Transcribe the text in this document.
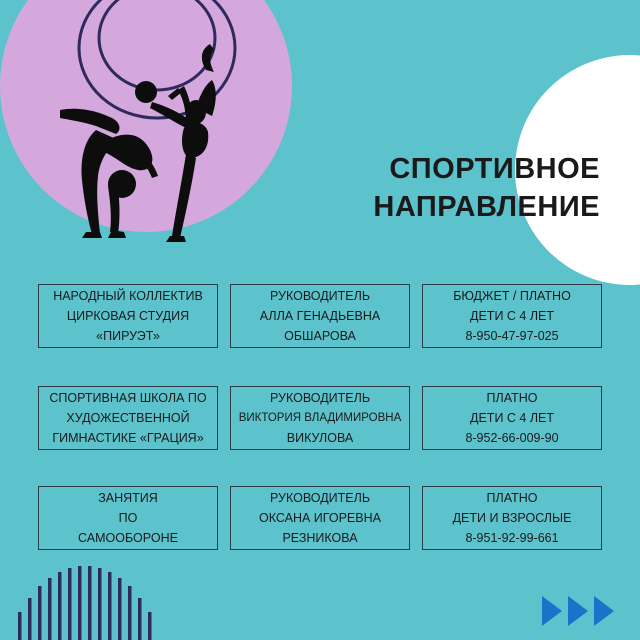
СПОРТИВНОЕ
НАПРАВЛЕНИЕ
НАРОДНЫЙ КОЛЛЕКТИВ
ЦИРКОВАЯ СТУДИЯ
«ПИРУЭТ»
РУКОВОДИТЕЛЬ
АЛЛА ГЕНАДЬЕВНА
ОБШАРОВА
БЮДЖЕТ / ПЛАТНО
ДЕТИ С 4 ЛЕТ
8-950-47-97-025
СПОРТИВНАЯ ШКОЛА ПО
ХУДОЖЕСТВЕННОЙ
ГИМНАСТИКЕ «ГРАЦИЯ»
РУКОВОДИТЕЛЬ
ВИКТОРИЯ ВЛАДИМИРОВНА
ВИКУЛОВА
ПЛАТНО
ДЕТИ С 4 ЛЕТ
8-952-66-009-90
ЗАНЯТИЯ
ПО
САМООБОРОНЕ
РУКОВОДИТЕЛЬ
ОКСАНА ИГОРЕВНА
РЕЗНИКОВА
ПЛАТНО
ДЕТИ И ВЗРОСЛЫЕ
8-951-92-99-661
